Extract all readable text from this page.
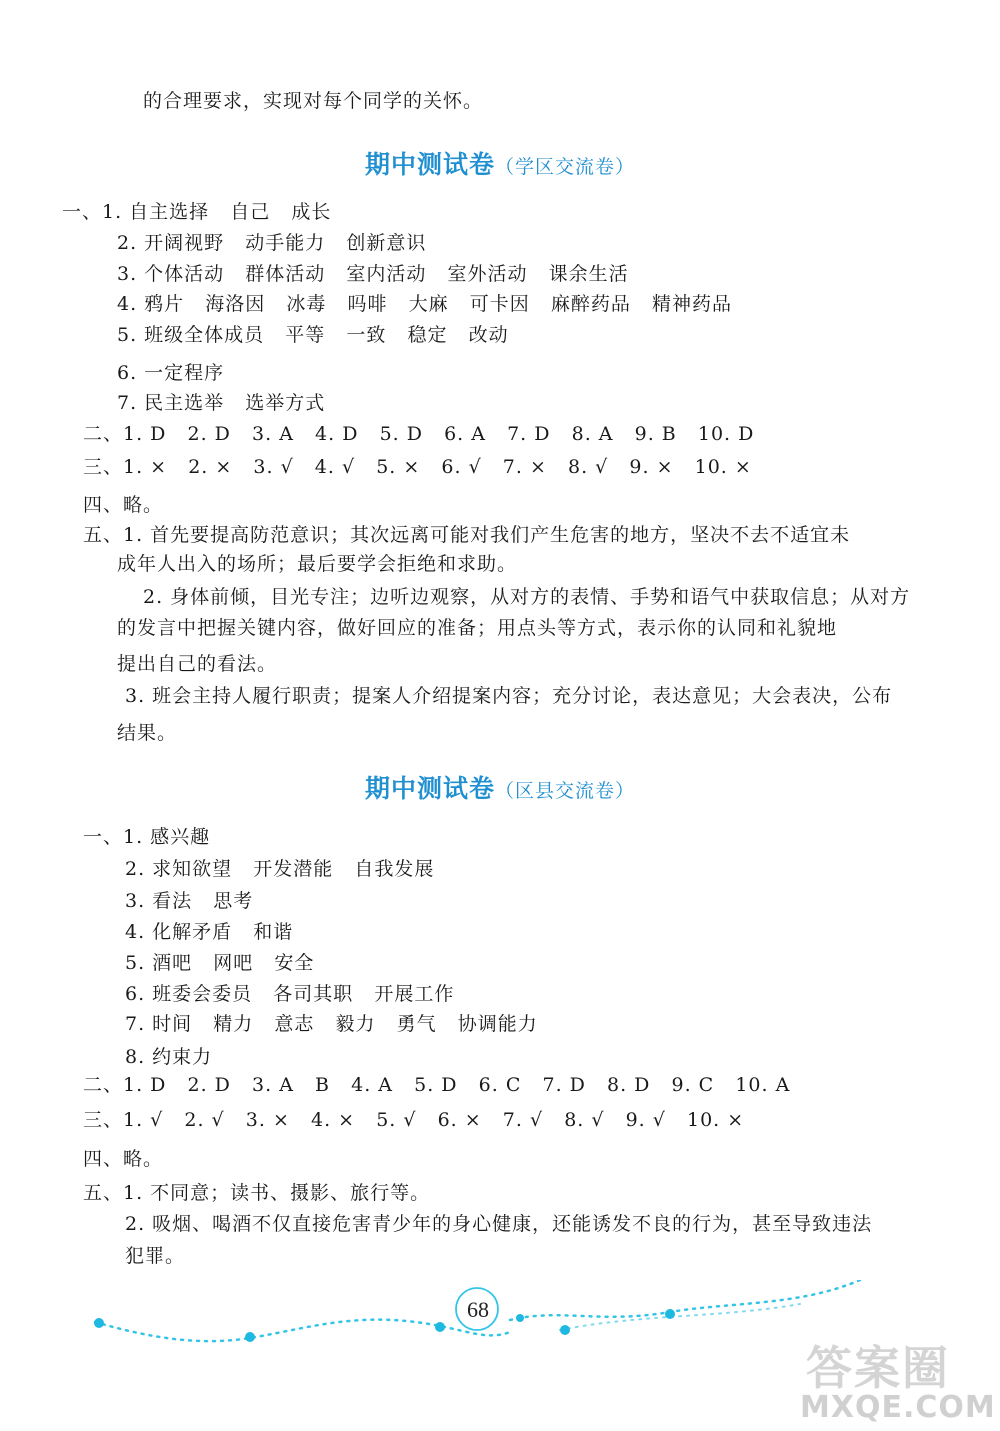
的合理要求，实现对每个同学的关怀。
期中测试卷（学区交流卷）
一、1. 自主选择   自己   成长
2. 开阔视野   动手能力   创新意识
3. 个体活动   群体活动   室内活动   室外活动   课余生活
4. 鸦片   海洛因   冰毒   吗啡   大麻   可卡因   麻醉药品   精神药品
5. 班级全体成员   平等   一致   稳定   改动
6. 一定程序
7. 民主选举   选举方式
二、1. D   2. D   3. A   4. D   5. D   6. A   7. D   8. A   9. B   10. D
三、1. ×   2. ×   3. √   4. √   5. ×   6. √   7. ×   8. √   9. ×   10. ×
四、略。
五、1. 首先要提高防范意识；其次远离可能对我们产生危害的地方，坚决不去不适宜未
成年人出入的场所；最后要学会拒绝和求助。
2. 身体前倾，目光专注；边听边观察，从对方的表情、手势和语气中获取信息；从对方
的发言中把握关键内容，做好回应的准备；用点头等方式，表示你的认同和礼貌地
提出自己的看法。
3. 班会主持人履行职责；提案人介绍提案内容；充分讨论，表达意见；大会表决，公布
结果。
期中测试卷（区县交流卷）
一、1. 感兴趣
2. 求知欲望   开发潜能   自我发展
3. 看法   思考
4. 化解矛盾   和谐
5. 酒吧   网吧   安全
6. 班委会委员   各司其职   开展工作
7. 时间   精力   意志   毅力   勇气   协调能力
8. 约束力
二、1. D   2. D   3. A   B   4. A   5. D   6. C   7. D   8. D   9. C   10. A
三、1. √   2. √   3. ×   4. ×   5. √   6. ×   7. √   8. √   9. √   10. ×
四、略。
五、1. 不同意；读书、摄影、旅行等。
2. 吸烟、喝酒不仅直接危害青少年的身心健康，还能诱发不良的行为，甚至导致违法
犯罪。
68
答案圈
MXQE.COM
